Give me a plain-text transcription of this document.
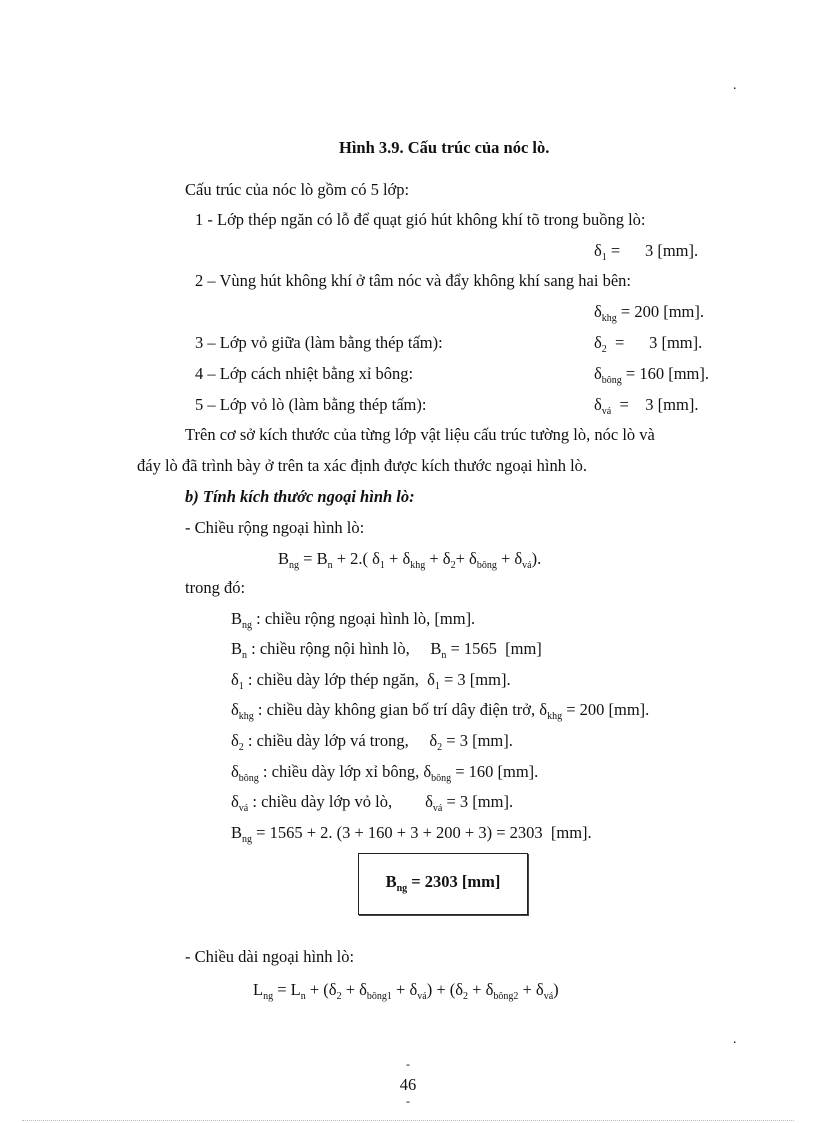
.
Hình 3.9. Cấu trúc của nóc lò.
Cấu trúc của nóc lò gồm có 5 lớp:
1 - Lớp thép ngăn có lỗ để quạt gió hút không khí tõ trong buồng lò:
$\delta_1$ =      3 [mm].
2 – Vùng hút không khí ở tâm nóc và đẩy không khí sang hai bên:
$\delta_{khg} = 200$ [mm].
3 – Lớp vỏ giữa (làm bằng thép tấm):	$\delta_2$  =      3 [mm].
4 – Lớp cách nhiệt bằng xỉ bông:	$\delta_{bông} = 160$ [mm].
5 – Lớp vỏ lò (làm bằng thép tấm):	$\delta_{vá}$  =    3 [mm].
Trên cơ sở kích thước của từng lớp vật liệu cấu trúc tường lò, nóc lò và
đáy lò đã trình bày ở trên ta xác định được kích thước ngoại hình lò.
b) Tính kích thước ngoại hình lò:
- Chiều rộng ngoại hình lò:
$B_{ng} = B_n + 2$.( $\delta_1 + \delta_{khg} + \delta_2+ \delta_{bông} + \delta_{vá}$).
trong đó:
$B_{ng}$ : chiều rộng ngoại hình lò, [mm].
$B_n$ : chiều rộng nội hình lò,     $B_n = 1565$  [mm]
$\delta_1$ : chiều dày lớp thép ngăn,  $\delta_1 = 3$ [mm].
$\delta_{khg}$ : chiều dày không gian bố trí dây điện trở, $\delta_{khg} = 200$ [mm].
$\delta_2$ : chiều dày lớp vá trong,     $\delta_2 = 3$ [mm].
$\delta_{bông}$ : chiều dày lớp xỉ bông, $\delta_{bông} = 160$ [mm].
$\delta_{vá}$ : chiều dày lớp vỏ lò,        $\delta_{vá} = 3$ [mm].
$B_{ng} = 1565 + 2$. (3 + 160 + 3 + 200 + 3) = 2303  [mm].
$B_{ng} = 2303$ [mm]
- Chiều dài ngoại hình lò:
$L_{ng} = L_n + (\delta_2 + \delta_{bông1} + \delta_{vá}) + (\delta_2 + \delta_{bông2} + \delta_{vá})$
.
-
46
-
